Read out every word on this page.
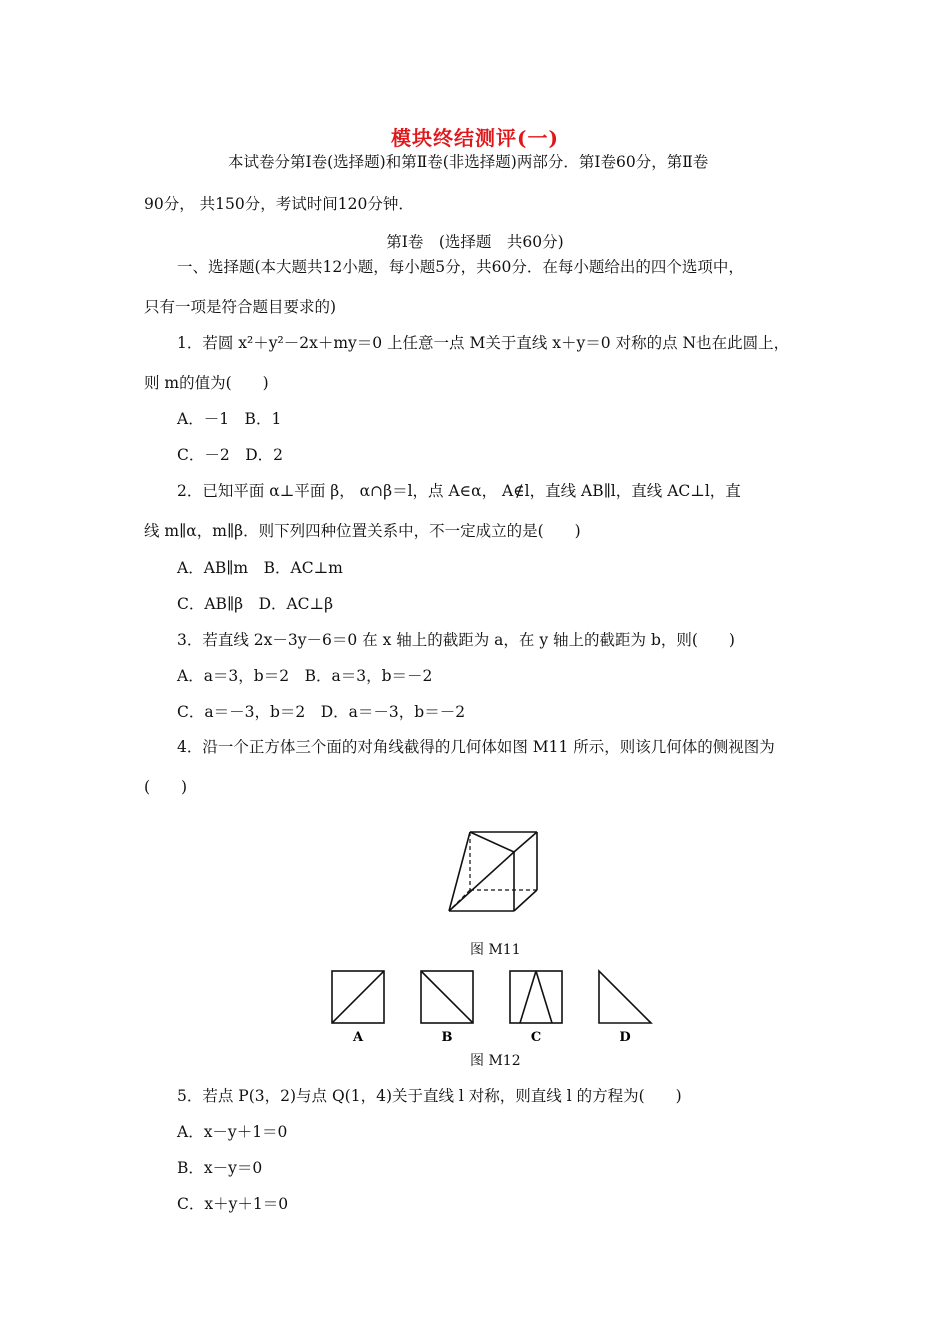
模块终结测评(一)
本试卷分第Ⅰ卷(选择题)和第Ⅱ卷(非选择题)两部分．第Ⅰ卷60分，第Ⅱ卷
90分， 共150分，考试时间120分钟．
第Ⅰ卷　(选择题　共60分)
一、选择题(本大题共12小题，每小题5分，共60分．在每小题给出的四个选项中，
只有一项是符合题目要求的)
1．若圆 x²＋y²－2x＋my＝0 上任意一点 M关于直线 x＋y＝0 对称的点 N也在此圆上，
则 m的值为(　　)
A．－1　B．1
C．－2　D．2
2．已知平面 α⊥平面 β， α∩β＝l，点 A∈α， A∉l，直线 AB∥l，直线 AC⊥l，直
线 m∥α，m∥β．则下列四种位置关系中，不一定成立的是(　　)
A．AB∥m　B．AC⊥m
C．AB∥β　D．AC⊥β
3．若直线 2x－3y－6＝0 在 x 轴上的截距为 a，在 y 轴上的截距为 b，则(　　)
A．a＝3，b＝2　B．a＝3，b＝－2
C．a＝－3，b＝2　D．a＝－3，b＝－2
4．沿一个正方体三个面的对角线截得的几何体如图 M11 所示，则该几何体的侧视图为
(　　)
图 M11
A	B	C	D
图 M12
5．若点 P(3，2)与点 Q(1，4)关于直线 l 对称，则直线 l 的方程为(　　)
A．x－y＋1＝0
B．x－y＝0
C．x＋y＋1＝0
